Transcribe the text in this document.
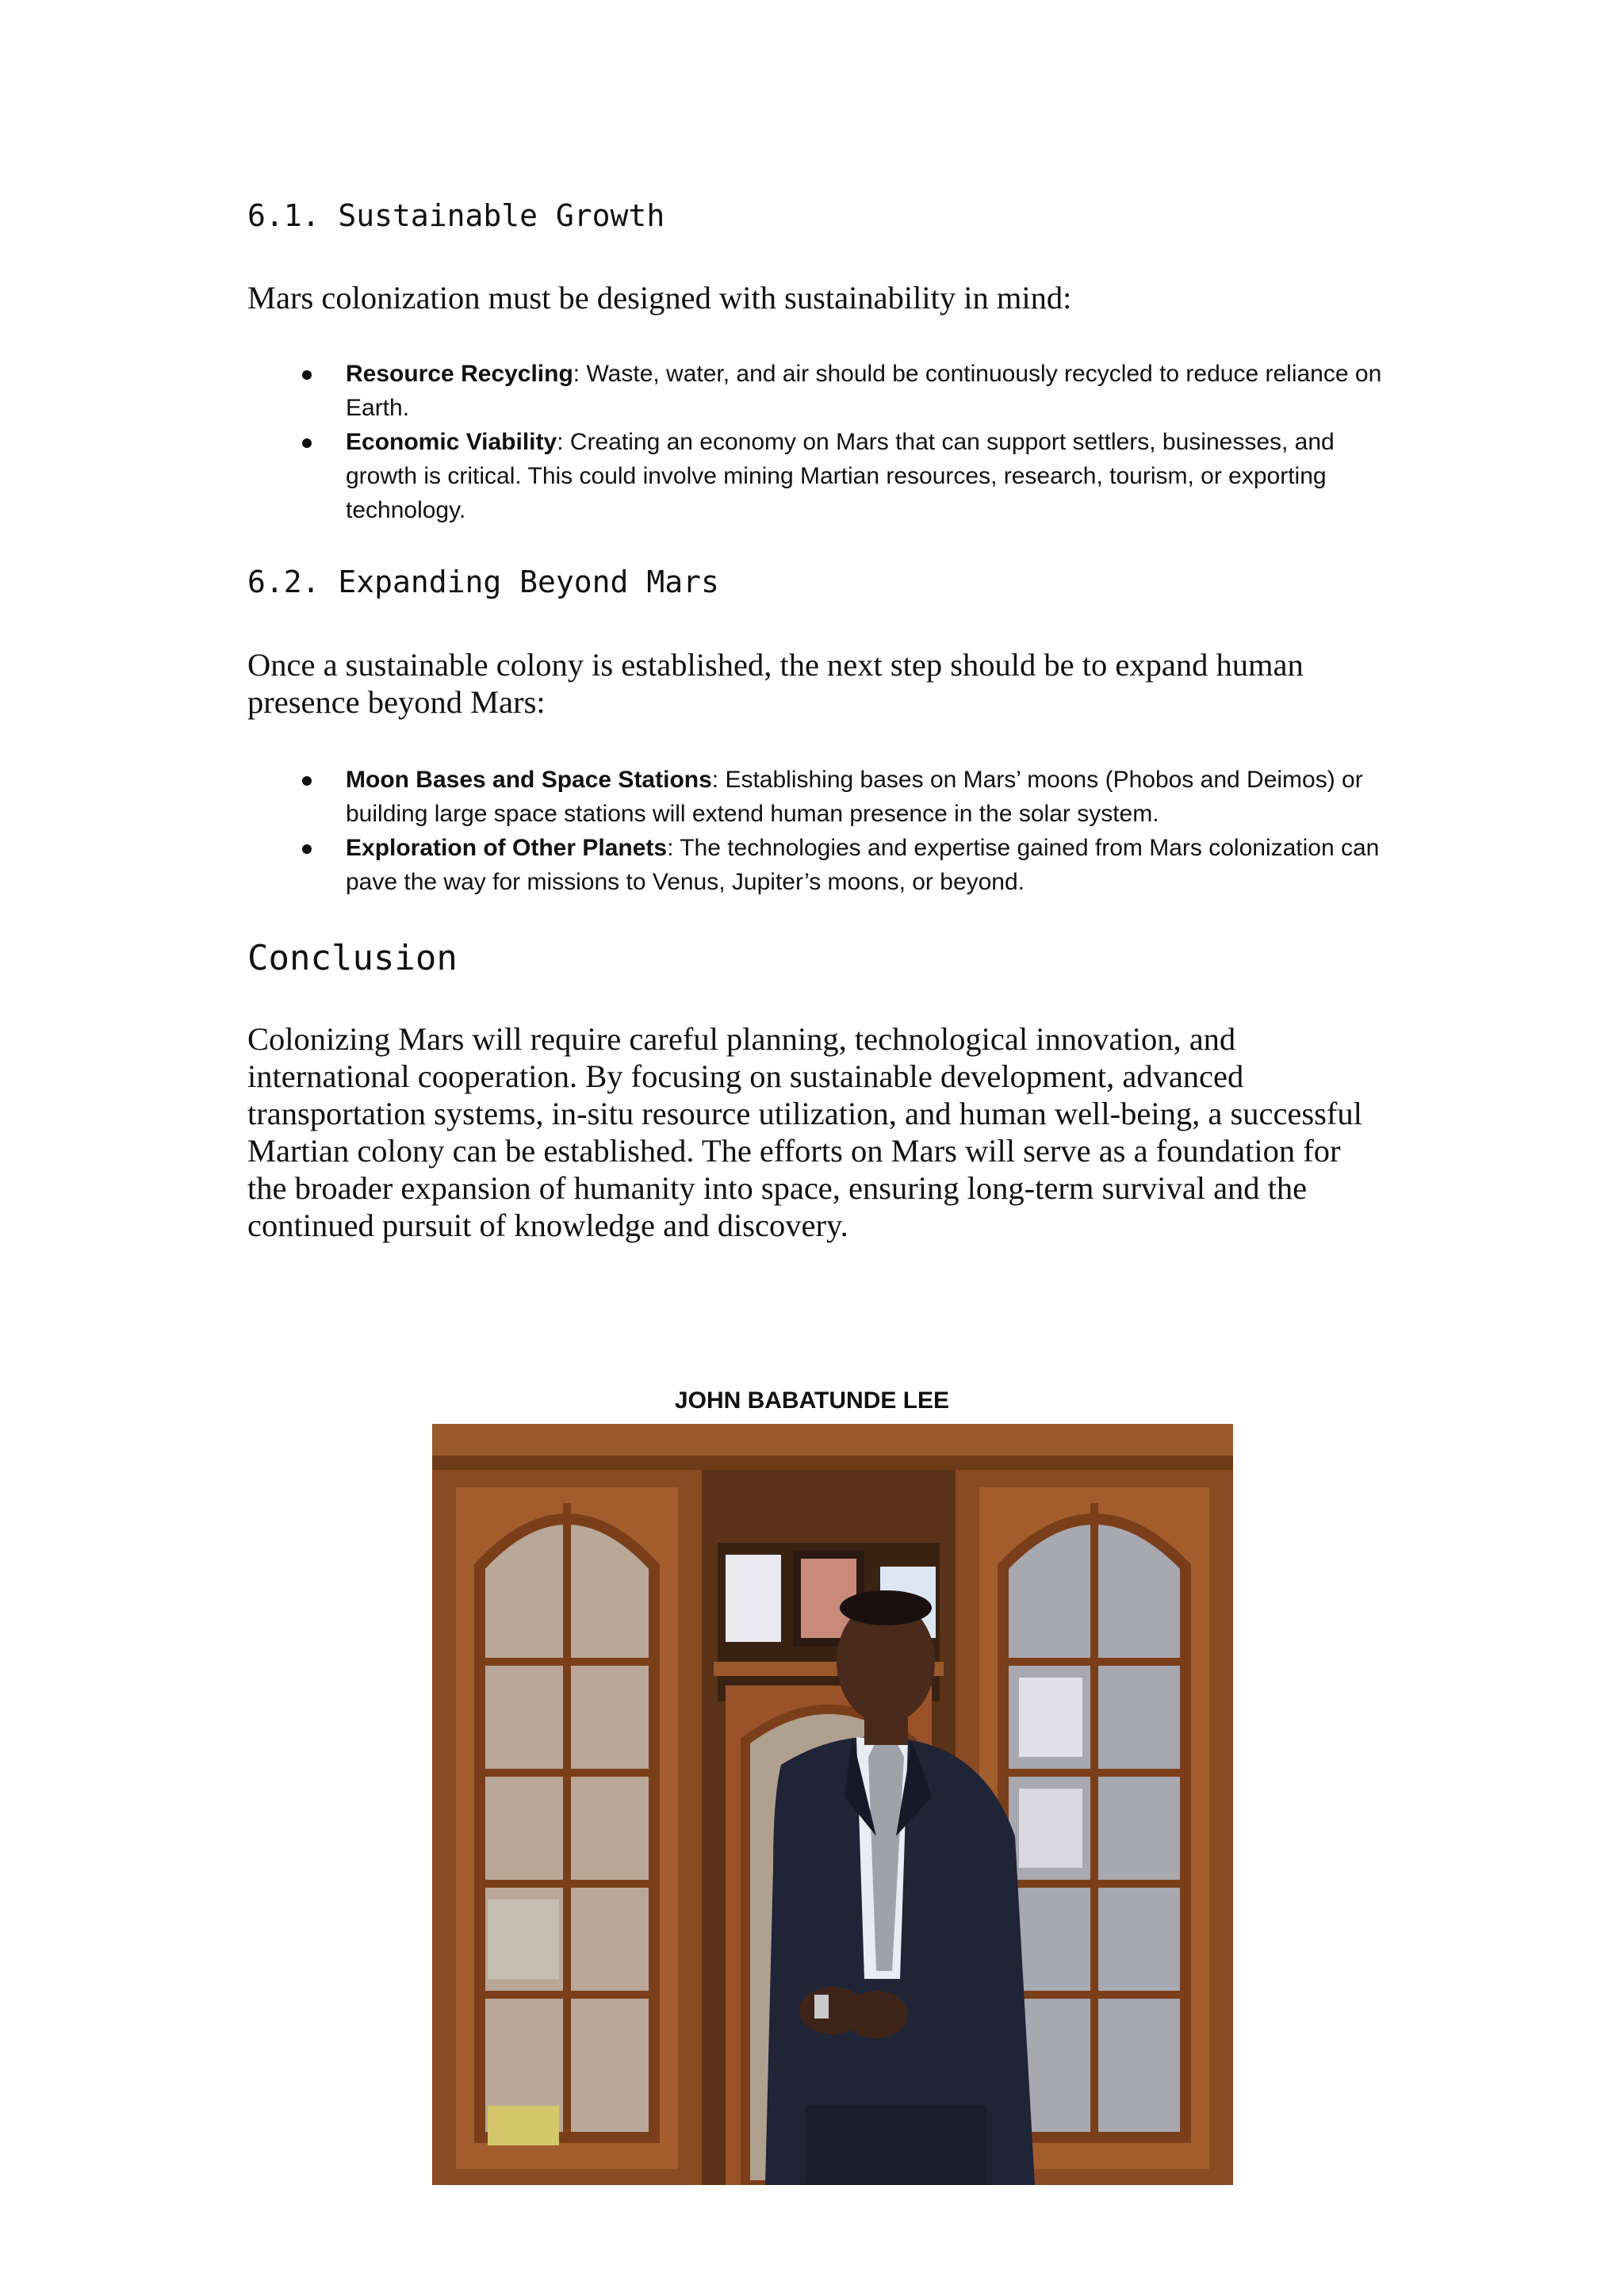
6.1. Sustainable Growth

Mars colonization must be designed with sustainability in mind:

Resource Recycling: Waste, water, and air should be continuously recycled to reduce reliance on Earth.
Economic Viability: Creating an economy on Mars that can support settlers, businesses, and growth is critical. This could involve mining Martian resources, research, tourism, or exporting technology.
6.2. Expanding Beyond Mars

Once a sustainable colony is established, the next step should be to expand human presence beyond Mars:

Moon Bases and Space Stations: Establishing bases on Mars’ moons (Phobos and Deimos) or building large space stations will extend human presence in the solar system.
Exploration of Other Planets: The technologies and expertise gained from Mars colonization can pave the way for missions to Venus, Jupiter’s moons, or beyond.
Conclusion

Colonizing Mars will require careful planning, technological innovation, and international cooperation. By focusing on sustainable development, advanced transportation systems, in-situ resource utilization, and human well-being, a successful Martian colony can be established. The efforts on Mars will serve as a foundation for the broader expansion of humanity into space, ensuring long-term survival and the continued pursuit of knowledge and discovery.

JOHN BABATUNDE LEE
